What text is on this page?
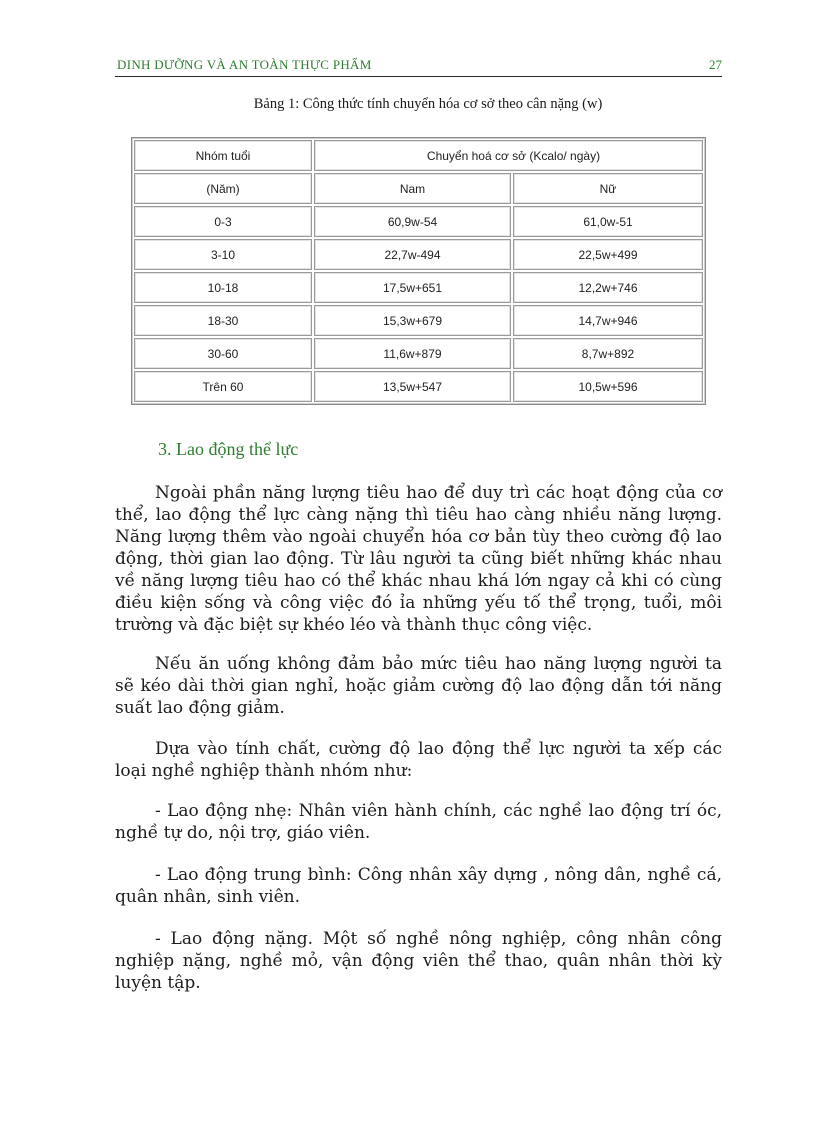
DINH DƯỠNG VÀ AN TOÀN THỰC PHẨM	27
Bảng 1: Công thức tính chuyển hóa cơ sở theo cân nặng (w)
Nhóm tuổi	Chuyển hoá cơ sở (Kcalo/ ngày)	
(Năm)	Nam	Nữ
0-3	60,9w-54	61,0w-51
3-10	22,7w-494	22,5w+499
10-18	17,5w+651	12,2w+746
18-30	15,3w+679	14,7w+946
30-60	11,6w+879	8,7w+892
Trên 60	13,5w+547	10,5w+596
3. Lao động thể lực

Ngoài phần năng lượng tiêu hao để duy trì các hoạt động của cơ thể, lao động thể lực càng nặng thì tiêu hao càng nhiều năng lượng. Năng lượng thêm vào ngoài chuyển hóa cơ bản tùy theo cường độ lao động, thời gian lao động. Từ lâu người ta cũng biết những khác nhau về năng lượng tiêu hao có thể khác nhau khá lớn ngay cả khi có cùng điều kiện sống và công việc đó ỉa những yếu tố thể trọng, tuổi, môi trường và đặc biệt sự khéo léo và thành thục công việc.

Nếu ăn uống không đảm bảo mức tiêu hao năng lượng người ta sẽ kéo dài thời gian nghỉ, hoặc giảm cường độ lao động dẫn tới năng suất lao động giảm.

Dựa vào tính chất, cường độ lao động thể lực người ta xếp các loại nghề nghiệp thành nhóm như:

- Lao động nhẹ: Nhân viên hành chính, các nghề lao động trí óc, nghề tự do, nội trợ, giáo viên.

- Lao động trung bình: Công nhân xây dựng , nông dân, nghề cá, quân nhân, sinh viên.

- Lao động nặng. Một số nghề nông nghiệp, công nhân công nghiệp nặng, nghề mỏ, vận động viên thể thao, quân nhân thời kỳ luyện tập.
